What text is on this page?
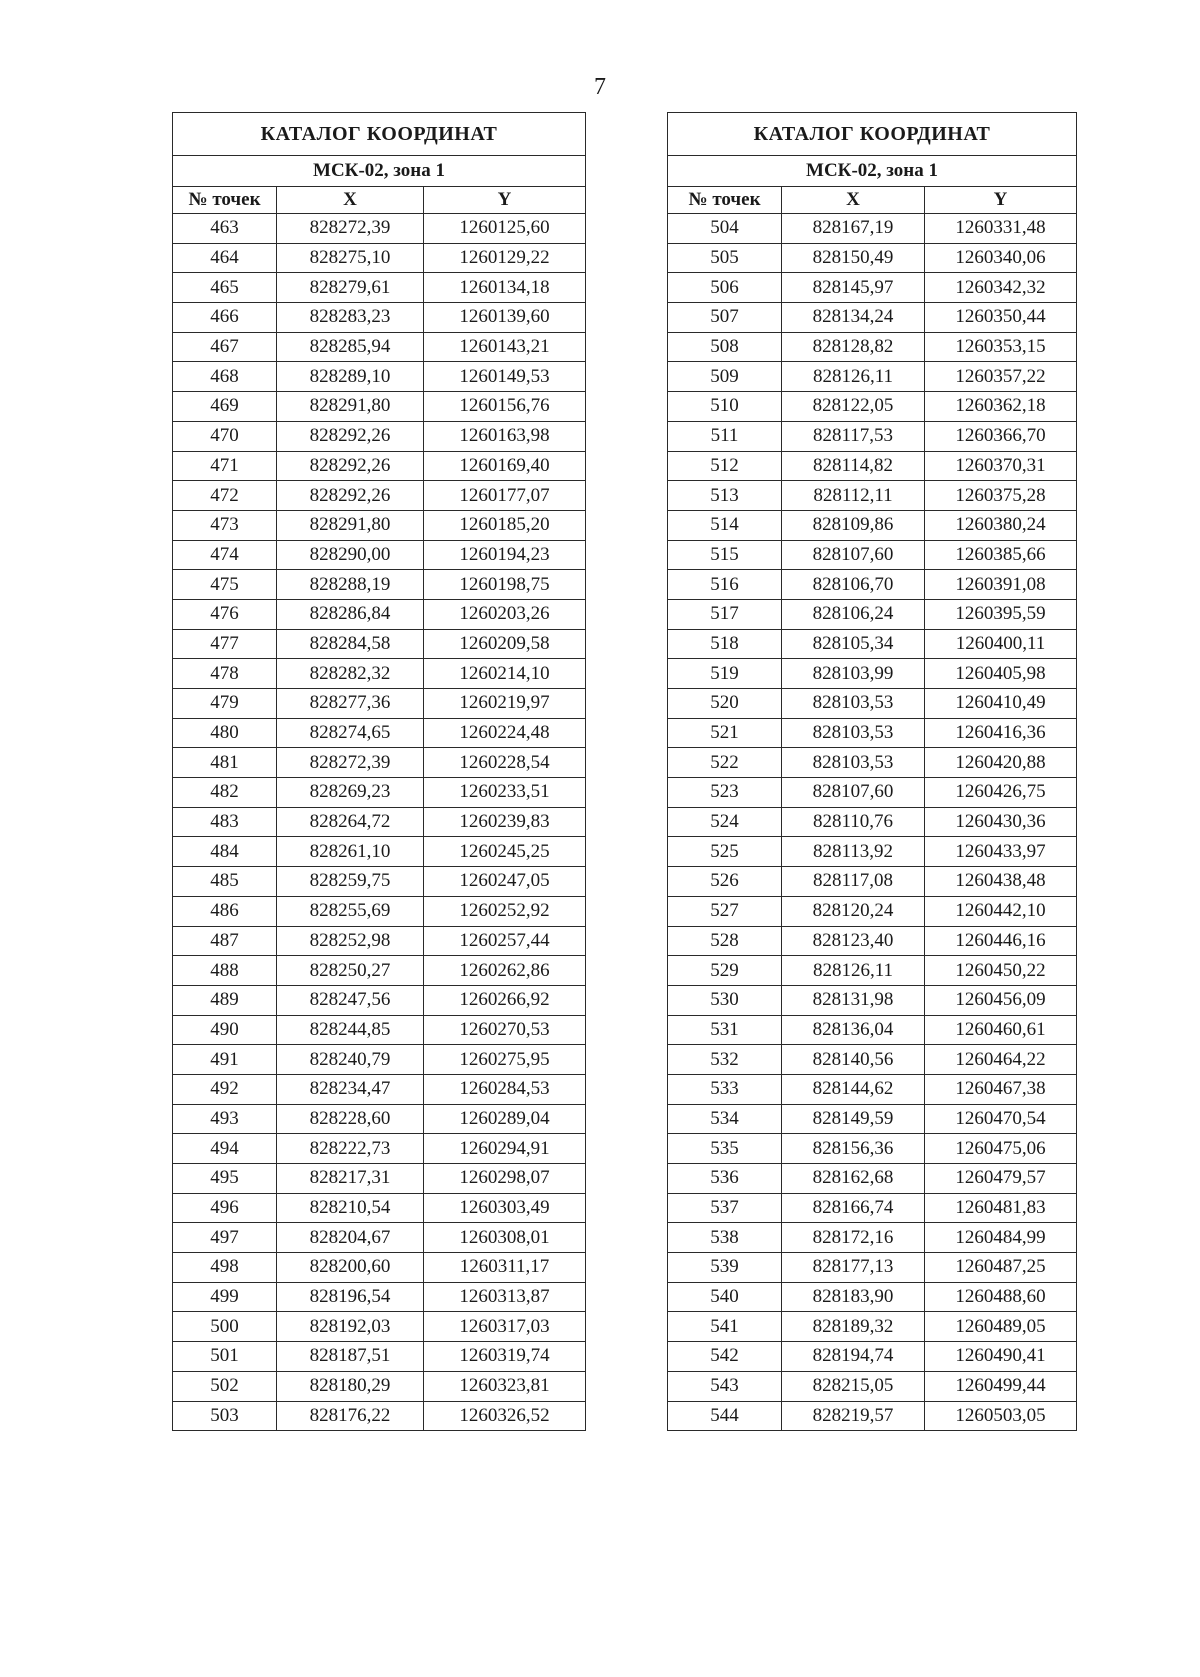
7
КАТАЛОГ КООРДИНАТ		
МСК-02, зона 1		
№ точек	X	Y
463	828272,39	1260125,60
464	828275,10	1260129,22
465	828279,61	1260134,18
466	828283,23	1260139,60
467	828285,94	1260143,21
468	828289,10	1260149,53
469	828291,80	1260156,76
470	828292,26	1260163,98
471	828292,26	1260169,40
472	828292,26	1260177,07
473	828291,80	1260185,20
474	828290,00	1260194,23
475	828288,19	1260198,75
476	828286,84	1260203,26
477	828284,58	1260209,58
478	828282,32	1260214,10
479	828277,36	1260219,97
480	828274,65	1260224,48
481	828272,39	1260228,54
482	828269,23	1260233,51
483	828264,72	1260239,83
484	828261,10	1260245,25
485	828259,75	1260247,05
486	828255,69	1260252,92
487	828252,98	1260257,44
488	828250,27	1260262,86
489	828247,56	1260266,92
490	828244,85	1260270,53
491	828240,79	1260275,95
492	828234,47	1260284,53
493	828228,60	1260289,04
494	828222,73	1260294,91
495	828217,31	1260298,07
496	828210,54	1260303,49
497	828204,67	1260308,01
498	828200,60	1260311,17
499	828196,54	1260313,87
500	828192,03	1260317,03
501	828187,51	1260319,74
502	828180,29	1260323,81
503	828176,22	1260326,52
КАТАЛОГ КООРДИНАТ		
МСК-02, зона 1		
№ точек	X	Y
504	828167,19	1260331,48
505	828150,49	1260340,06
506	828145,97	1260342,32
507	828134,24	1260350,44
508	828128,82	1260353,15
509	828126,11	1260357,22
510	828122,05	1260362,18
511	828117,53	1260366,70
512	828114,82	1260370,31
513	828112,11	1260375,28
514	828109,86	1260380,24
515	828107,60	1260385,66
516	828106,70	1260391,08
517	828106,24	1260395,59
518	828105,34	1260400,11
519	828103,99	1260405,98
520	828103,53	1260410,49
521	828103,53	1260416,36
522	828103,53	1260420,88
523	828107,60	1260426,75
524	828110,76	1260430,36
525	828113,92	1260433,97
526	828117,08	1260438,48
527	828120,24	1260442,10
528	828123,40	1260446,16
529	828126,11	1260450,22
530	828131,98	1260456,09
531	828136,04	1260460,61
532	828140,56	1260464,22
533	828144,62	1260467,38
534	828149,59	1260470,54
535	828156,36	1260475,06
536	828162,68	1260479,57
537	828166,74	1260481,83
538	828172,16	1260484,99
539	828177,13	1260487,25
540	828183,90	1260488,60
541	828189,32	1260489,05
542	828194,74	1260490,41
543	828215,05	1260499,44
544	828219,57	1260503,05
